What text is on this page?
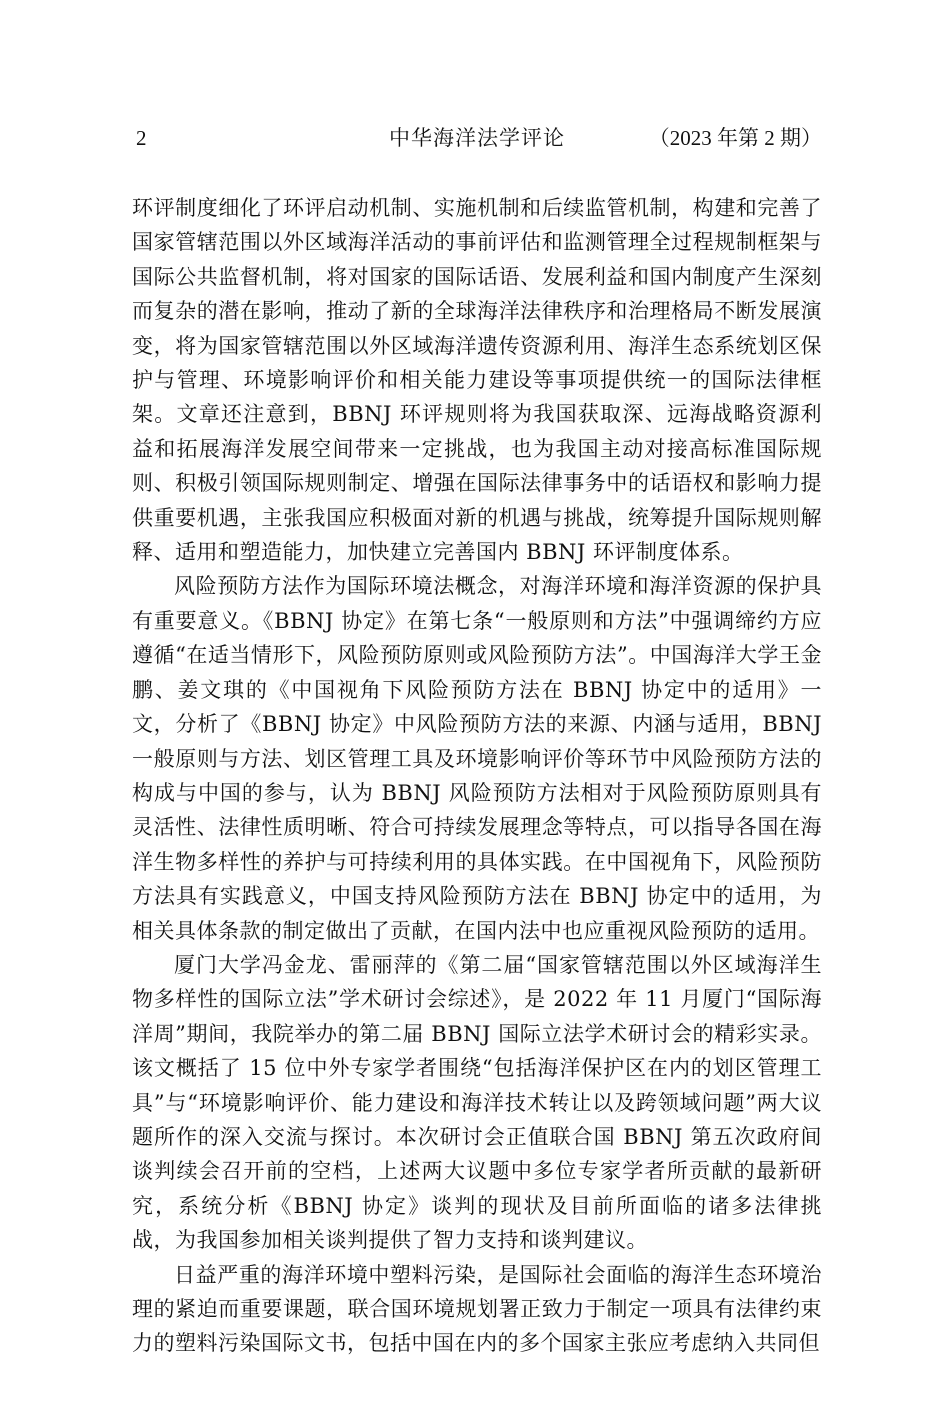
2	中华海洋法学评论	（2023 年第 2 期）

环评制度细化了环评启动机制、实施机制和后续监管机制，构建和完善了国家管辖范围以外区域海洋活动的事前评估和监测管理全过程规制框架与国际公共监督机制，将对国家的国际话语、发展利益和国内制度产生深刻而复杂的潜在影响，推动了新的全球海洋法律秩序和治理格局不断发展演变，将为国家管辖范围以外区域海洋遗传资源利用、海洋生态系统划区保护与管理、环境影响评价和相关能力建设等事项提供统一的国际法律框架。文章还注意到，BBNJ 环评规则将为我国获取深、远海战略资源利益和拓展海洋发展空间带来一定挑战，也为我国主动对接高标准国际规则、积极引领国际规则制定、增强在国际法律事务中的话语权和影响力提供重要机遇，主张我国应积极面对新的机遇与挑战，统筹提升国际规则解释、适用和塑造能力，加快建立完善国内 BBNJ 环评制度体系。

风险预防方法作为国际环境法概念，对海洋环境和海洋资源的保护具有重要意义。《BBNJ 协定》在第七条“一般原则和方法”中强调缔约方应遵循“在适当情形下，风险预防原则或风险预防方法”。中国海洋大学王金鹏、姜文琪的《中国视角下风险预防方法在 BBNJ 协定中的适用》一文，分析了《BBNJ 协定》中风险预防方法的来源、内涵与适用，BBNJ 一般原则与方法、划区管理工具及环境影响评价等环节中风险预防方法的构成与中国的参与，认为 BBNJ 风险预防方法相对于风险预防原则具有灵活性、法律性质明晰、符合可持续发展理念等特点，可以指导各国在海洋生物多样性的养护与可持续利用的具体实践。在中国视角下，风险预防方法具有实践意义，中国支持风险预防方法在 BBNJ 协定中的适用，为相关具体条款的制定做出了贡献，在国内法中也应重视风险预防的适用。

厦门大学冯金龙、雷丽萍的《第二届“国家管辖范围以外区域海洋生物多样性的国际立法”学术研讨会综述》，是 2022 年 11 月厦门“国际海洋周”期间，我院举办的第二届 BBNJ 国际立法学术研讨会的精彩实录。该文概括了 15 位中外专家学者围绕“包括海洋保护区在内的划区管理工具”与“环境影响评价、能力建设和海洋技术转让以及跨领域问题”两大议题所作的深入交流与探讨。本次研讨会正值联合国 BBNJ 第五次政府间谈判续会召开前的空档，上述两大议题中多位专家学者所贡献的最新研究，系统分析《BBNJ 协定》谈判的现状及目前所面临的诸多法律挑战，为我国参加相关谈判提供了智力支持和谈判建议。

日益严重的海洋环境中塑料污染，是国际社会面临的海洋生态环境治理的紧迫而重要课题，联合国环境规划署正致力于制定一项具有法律约束力的塑料污染国际文书，包括中国在内的多个国家主张应考虑纳入共同但
